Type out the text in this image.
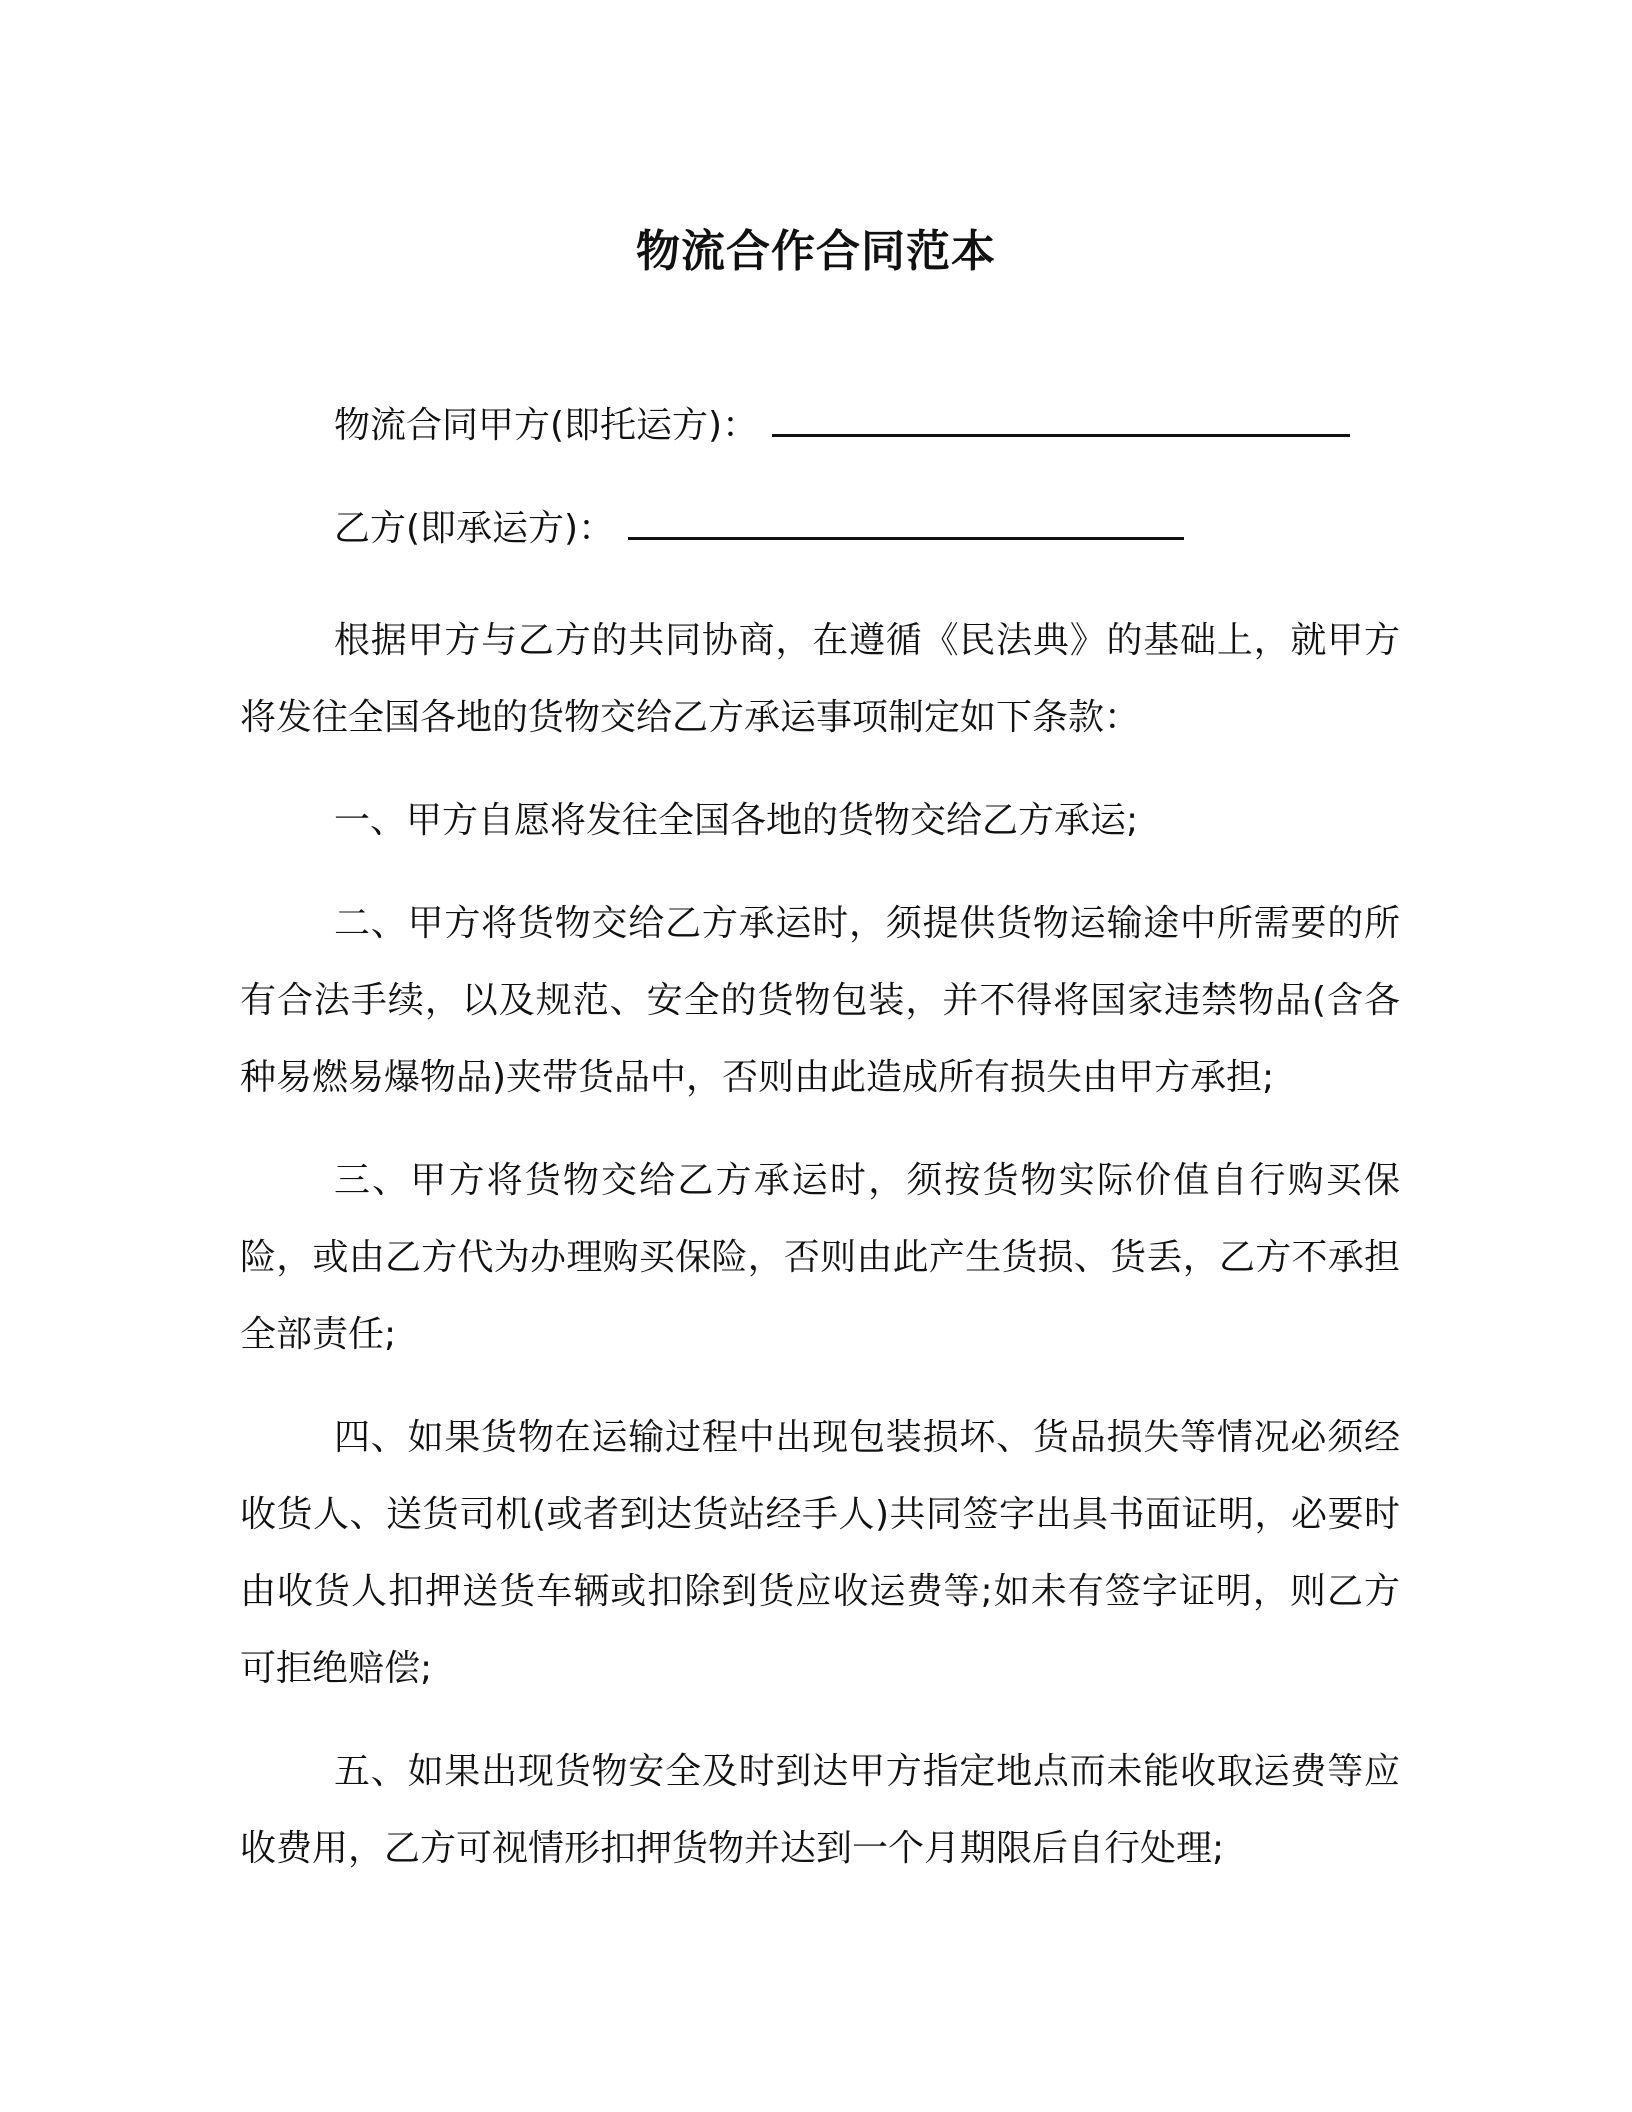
物流合作合同范本
物流合同甲方(即托运方)：
乙方(即承运方)：

根据甲方与乙方的共同协商，在遵循《民法典》的基础上，就甲方将发往全国各地的货物交给乙方承运事项制定如下条款：

一、甲方自愿将发往全国各地的货物交给乙方承运;

二、甲方将货物交给乙方承运时，须提供货物运输途中所需要的所有合法手续，以及规范、安全的货物包装，并不得将国家违禁物品(含各种易燃易爆物品)夹带货品中，否则由此造成所有损失由甲方承担;

三、甲方将货物交给乙方承运时，须按货物实际价值自行购买保险，或由乙方代为办理购买保险，否则由此产生货损、货丢，乙方不承担全部责任;

四、如果货物在运输过程中出现包装损坏、货品损失等情况必须经收货人、送货司机(或者到达货站经手人)共同签字出具书面证明，必要时由收货人扣押送货车辆或扣除到货应收运费等;如未有签字证明，则乙方可拒绝赔偿;

五、如果出现货物安全及时到达甲方指定地点而未能收取运费等应收费用，乙方可视情形扣押货物并达到一个月期限后自行处理;
